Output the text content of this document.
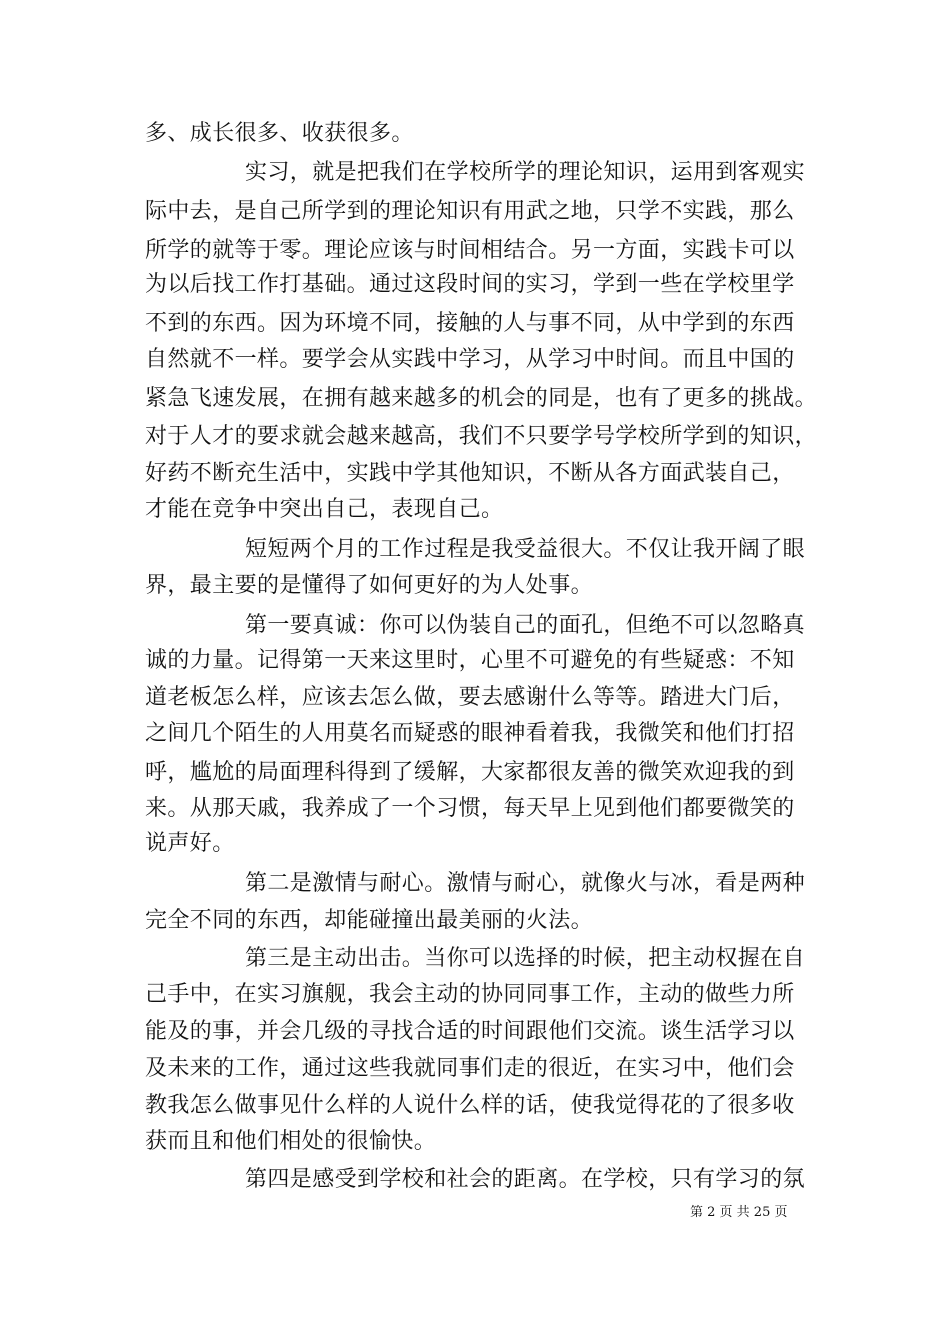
多、成长很多、收获很多。
实习，就是把我们在学校所学的理论知识，运用到客观实
际中去，是自己所学到的理论知识有用武之地，只学不实践，那么
所学的就等于零。理论应该与时间相结合。另一方面，实践卡可以
为以后找工作打基础。通过这段时间的实习，学到一些在学校里学
不到的东西。因为环境不同，接触的人与事不同，从中学到的东西
自然就不一样。要学会从实践中学习，从学习中时间。而且中国的
紧急飞速发展，在拥有越来越多的机会的同是，也有了更多的挑战。
对于人才的要求就会越来越高，我们不只要学号学校所学到的知识，
好药不断充生活中，实践中学其他知识，不断从各方面武装自己，
才能在竞争中突出自己，表现自己。
短短两个月的工作过程是我受益很大。不仅让我开阔了眼
界，最主要的是懂得了如何更好的为人处事。
第一要真诚：你可以伪装自己的面孔，但绝不可以忽略真
诚的力量。记得第一天来这里时，心里不可避免的有些疑惑：不知
道老板怎么样，应该去怎么做，要去感谢什么等等。踏进大门后，
之间几个陌生的人用莫名而疑惑的眼神看着我，我微笑和他们打招
呼，尴尬的局面理科得到了缓解，大家都很友善的微笑欢迎我的到
来。从那天戚，我养成了一个习惯，每天早上见到他们都要微笑的
说声好。
第二是激情与耐心。激情与耐心，就像火与冰，看是两种
完全不同的东西，却能碰撞出最美丽的火法。
第三是主动出击。当你可以选择的时候，把主动权握在自
己手中，在实习旗舰，我会主动的协同同事工作，主动的做些力所
能及的事，并会几级的寻找合适的时间跟他们交流。谈生活学习以
及未来的工作，通过这些我就同事们走的很近，在实习中，他们会
教我怎么做事见什么样的人说什么样的话，使我觉得花的了很多收
获而且和他们相处的很愉快。
第四是感受到学校和社会的距离。在学校，只有学习的氛
第 2 页 共 25 页
